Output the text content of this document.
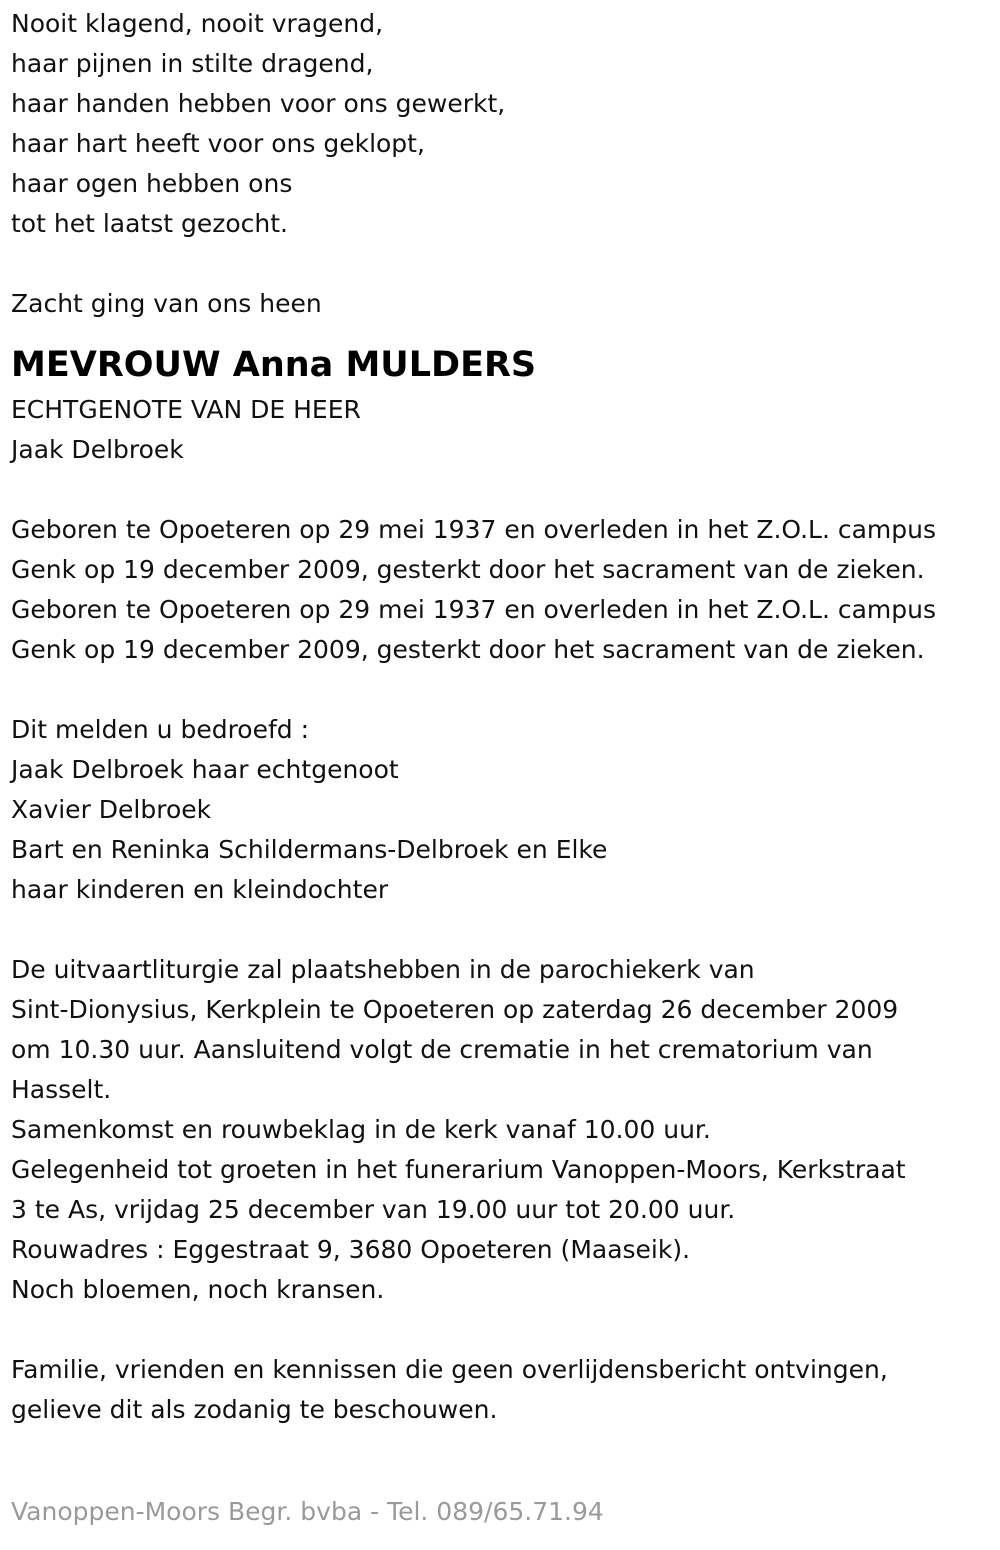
Nooit klagend, nooit vragend,

haar pijnen in stilte dragend,

haar handen hebben voor ons gewerkt,

haar hart heeft voor ons geklopt,

haar ogen hebben ons

tot het laatst gezocht.

Zacht ging van ons heen

MEVROUW Anna MULDERS

ECHTGENOTE VAN DE HEER

Jaak Delbroek

Geboren te Opoeteren op 29 mei 1937 en overleden in het Z.O.L. campus

Genk op 19 december 2009, gesterkt door het sacrament van de zieken.

Geboren te Opoeteren op 29 mei 1937 en overleden in het Z.O.L. campus

Genk op 19 december 2009, gesterkt door het sacrament van de zieken.

Dit melden u bedroefd :

Jaak Delbroek haar echtgenoot

Xavier Delbroek

Bart en Reninka Schildermans-Delbroek en Elke

haar kinderen en kleindochter

De uitvaartliturgie zal plaatshebben in de parochiekerk van

Sint-Dionysius, Kerkplein te Opoeteren op zaterdag 26 december 2009

om 10.30 uur. Aansluitend volgt de crematie in het crematorium van

Hasselt.

Samenkomst en rouwbeklag in de kerk vanaf 10.00 uur.

Gelegenheid tot groeten in het funerarium Vanoppen-Moors, Kerkstraat

3 te As, vrijdag 25 december van 19.00 uur tot 20.00 uur.

Rouwadres : Eggestraat 9, 3680 Opoeteren (Maaseik).

Noch bloemen, noch kransen.

Familie, vrienden en kennissen die geen overlijdensbericht ontvingen,

gelieve dit als zodanig te beschouwen.

Vanoppen-Moors Begr. bvba - Tel. 089/65.71.94
